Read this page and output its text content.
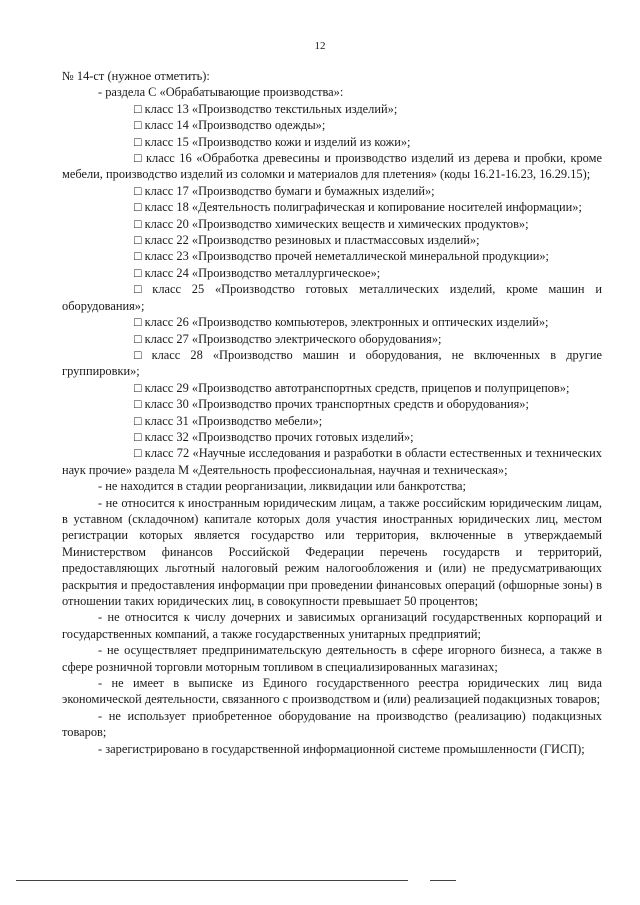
12

№ 14-ст (нужное отметить):

- раздела С «Обрабатывающие производства»:

□ класс 13 «Производство текстильных изделий»;

□ класс 14 «Производство одежды»;

□ класс 15 «Производство кожи и изделий из кожи»;

□ класс 16 «Обработка древесины и производство изделий из дерева и пробки, кроме мебели, производство изделий из соломки и материалов для плетения» (коды 16.21-16.23, 16.29.15);

□ класс 17 «Производство бумаги и бумажных изделий»;

□ класс 18 «Деятельность полиграфическая и копирование носителей информации»;

□ класс 20 «Производство химических веществ и химических продуктов»;

□ класс 22 «Производство резиновых и пластмассовых изделий»;

□ класс 23 «Производство прочей неметаллической минеральной продукции»;

□ класс 24 «Производство металлургическое»;

□ класс 25 «Производство готовых металлических изделий, кроме машин и оборудования»;

□ класс 26 «Производство компьютеров, электронных и оптических изделий»;

□ класс 27 «Производство электрического оборудования»;

□ класс 28 «Производство машин и оборудования, не включенных в другие группировки»;

□ класс 29 «Производство автотранспортных средств, прицепов и полуприцепов»;

□ класс 30 «Производство прочих транспортных средств и оборудования»;

□ класс 31 «Производство мебели»;

□ класс 32 «Производство прочих готовых изделий»;

□ класс 72 «Научные исследования и разработки в области естественных и технических наук прочие» раздела М «Деятельность профессиональная, научная и техническая»;

- не находится в стадии реорганизации, ликвидации или банкротства;

- не относится к иностранным юридическим лицам, а также российским юридическим лицам, в уставном (складочном) капитале которых доля участия иностранных юридических лиц, местом регистрации которых является государство или территория, включенные в утверждаемый Министерством финансов Российской Федерации перечень государств и территорий, предоставляющих льготный налоговый режим налогообложения и (или) не предусматривающих раскрытия и предоставления информации при проведении финансовых операций (офшорные зоны) в отношении таких юридических лиц, в совокупности превышает 50 процентов;

- не относится к числу дочерних и зависимых организаций государственных корпораций и государственных компаний, а также государственных унитарных предприятий;

- не осуществляет предпринимательскую деятельность в сфере игорного бизнеса, а также в сфере розничной торговли моторным топливом в специализированных магазинах;

- не имеет в выписке из Единого государственного реестра юридических лиц вида экономической деятельности, связанного с производством и (или) реализацией подакцизных товаров;

- не использует приобретенное оборудование на производство (реализацию) подакцизных товаров;

- зарегистрировано в государственной информационной системе промышленности (ГИСП);
